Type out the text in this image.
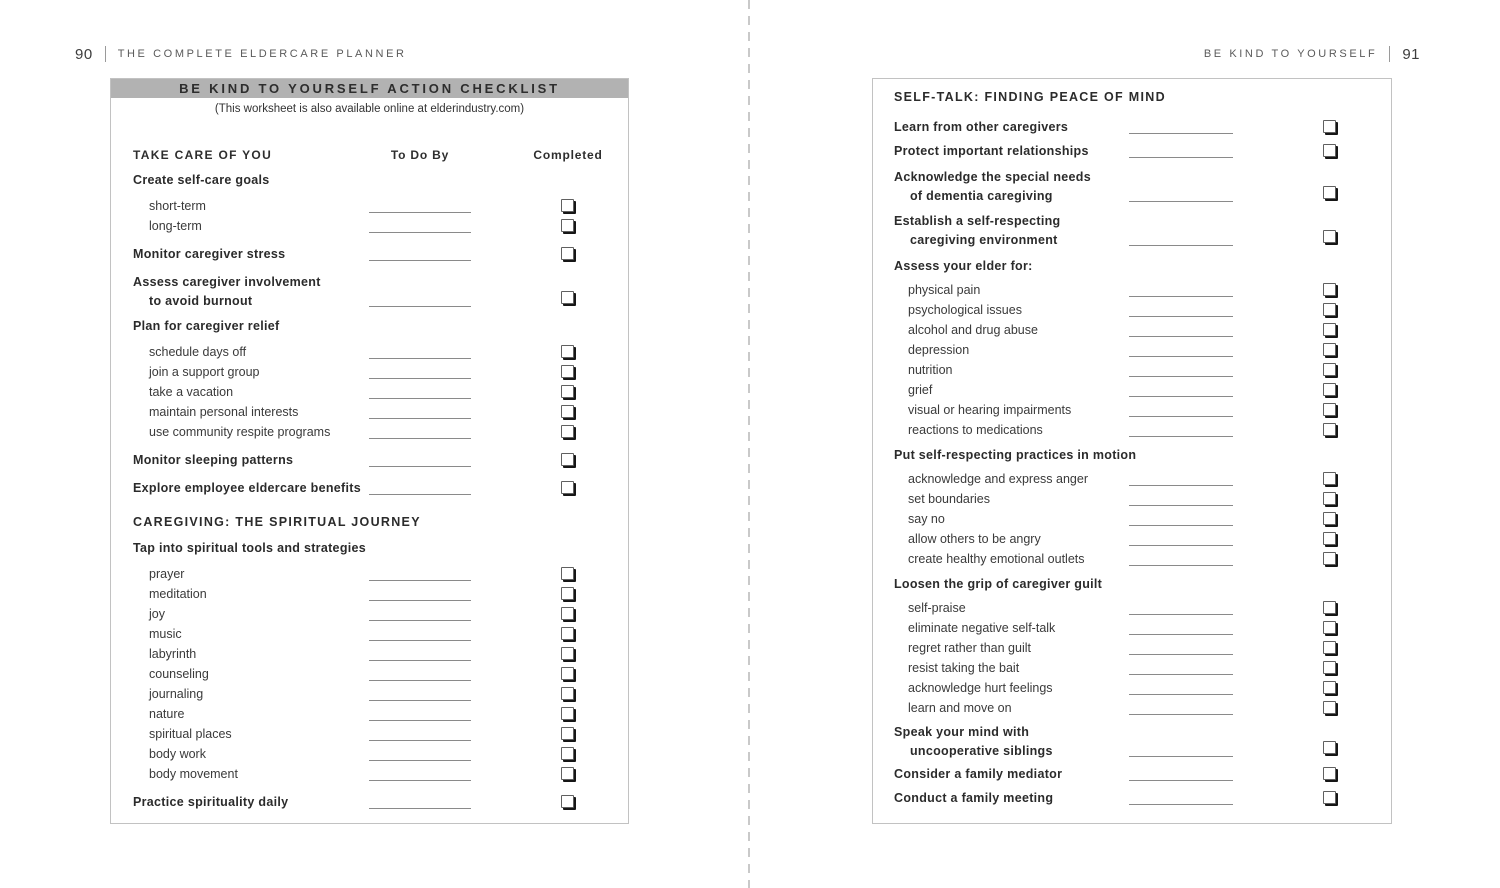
90 THE COMPLETE ELDERCARE PLANNER	BE KIND TO YOURSELF 91
BE KIND TO YOURSELF ACTION CHECKLIST
(This worksheet is also available online at elderindustry.com)
TAKE CARE OF YOU	To Do By	Completed
Create self-care goals
short-term
long-term
Monitor caregiver stress
Assess caregiver involvement
to avoid burnout
Plan for caregiver relief
schedule days off
join a support group
take a vacation
maintain personal interests
use community respite programs
Monitor sleeping patterns
Explore employee eldercare benefits
CAREGIVING: THE SPIRITUAL JOURNEY
Tap into spiritual tools and strategies
prayer
meditation
joy
music
labyrinth
counseling
journaling
nature
spiritual places
body work
body movement
Practice spirituality daily
SELF-TALK: FINDING PEACE OF MIND
Learn from other caregivers
Protect important relationships
Acknowledge the special needs
of dementia caregiving
Establish a self-respecting
caregiving environment
Assess your elder for:
physical pain
psychological issues
alcohol and drug abuse
depression
nutrition
grief
visual or hearing impairments
reactions to medications
Put self-respecting practices in motion
acknowledge and express anger
set boundaries
say no
allow others to be angry
create healthy emotional outlets
Loosen the grip of caregiver guilt
self-praise
eliminate negative self-talk
regret rather than guilt
resist taking the bait
acknowledge hurt feelings
learn and move on
Speak your mind with
uncooperative siblings
Consider a family mediator
Conduct a family meeting
